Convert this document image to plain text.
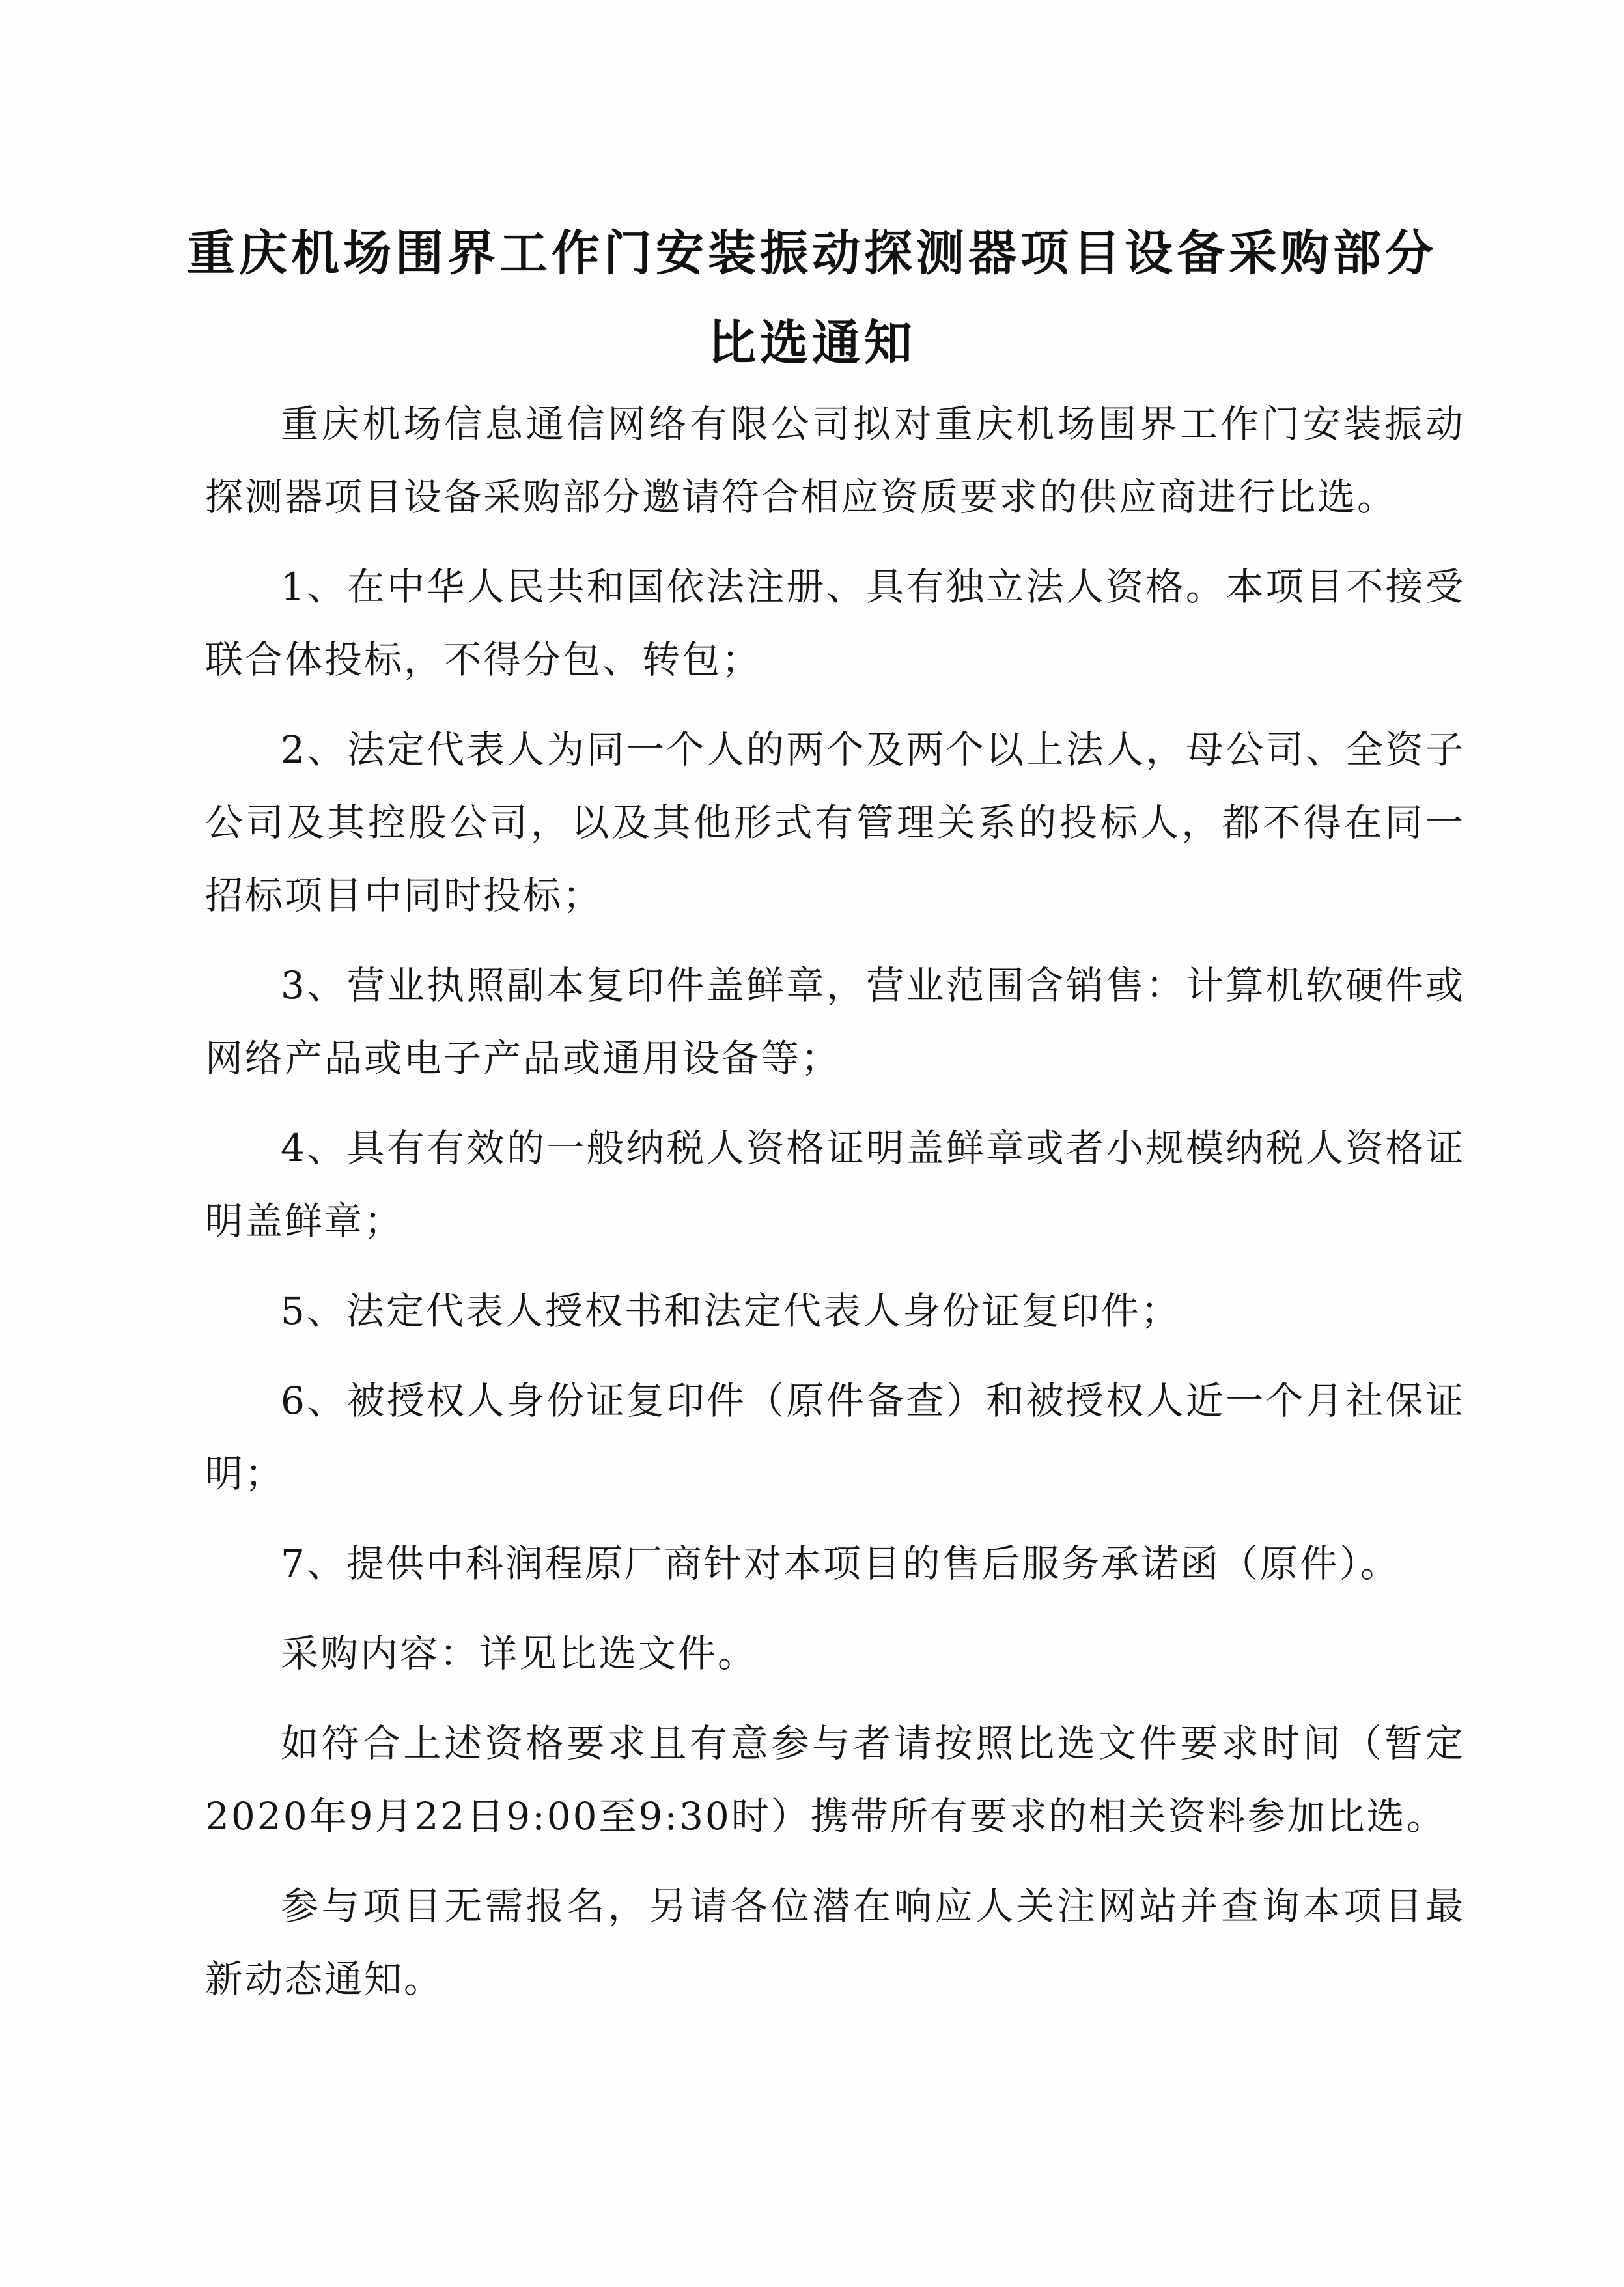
重庆机场围界工作门安装振动探测器项目设备采购部分
比选通知

重庆机场信息通信网络有限公司拟对重庆机场围界工作门安装振动探测器项目设备采购部分邀请符合相应资质要求的供应商进行比选。

1、在中华人民共和国依法注册、具有独立法人资格。本项目不接受联合体投标，不得分包、转包；

2、法定代表人为同一个人的两个及两个以上法人，母公司、全资子公司及其控股公司，以及其他形式有管理关系的投标人，都不得在同一招标项目中同时投标；

3、营业执照副本复印件盖鲜章，营业范围含销售：计算机软硬件或网络产品或电子产品或通用设备等；

4、具有有效的一般纳税人资格证明盖鲜章或者小规模纳税人资格证明盖鲜章；

5、法定代表人授权书和法定代表人身份证复印件；

6、被授权人身份证复印件（原件备查）和被授权人近一个月社保证明；

7、提供中科润程原厂商针对本项目的售后服务承诺函（原件）。

采购内容：详见比选文件。

如符合上述资格要求且有意参与者请按照比选文件要求时间（暂定2020年9月22日9:00至9:30时）携带所有要求的相关资料参加比选。

参与项目无需报名，另请各位潜在响应人关注网站并查询本项目最新动态通知。
